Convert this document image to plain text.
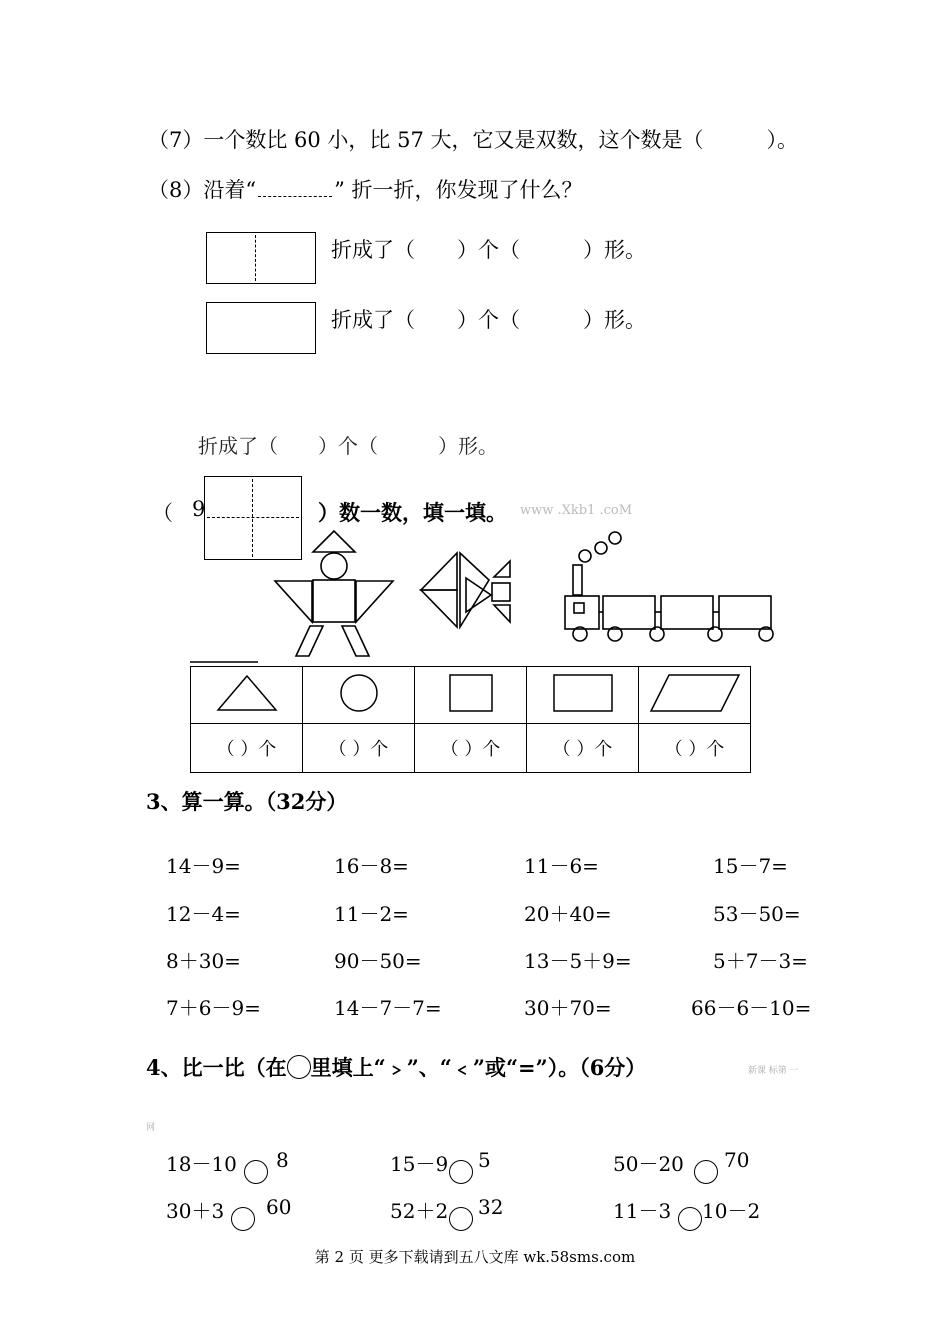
（7）一个数比 60 小，比 57 大，它又是双数，这个数是（　　　）。
（8）沿着“	” 折一折，你发现了什么？
折成了（　　）个（　　　）形。
折成了（　　）个（　　　）形。
折成了（　　）个（　　　）形。
（ 9	）数一数，填一填。 www .Xkb1 .coM

（ ）个	（ ）个	（ ）个	（ ）个	（ ）个
3、算一算。（32分）
14－9=	16－8=	11－6=	15－7=
12－4=	11－2=	20＋40=	53－50=
8＋30=	90－50=	13－5＋9=	5＋7－3=
7＋6－9=	14－7－7=	30＋70=	66－6－10=
4、比一比（在 里填上“﹥”、“﹤”或“=”）。（6分）	新课 标第 一
网
18－10 8	15－9 5	50－20 70
30＋3 60	52＋2 32	11－3 10－2
第 2 页 更多下载请到五八文库 wk.58sms.com
